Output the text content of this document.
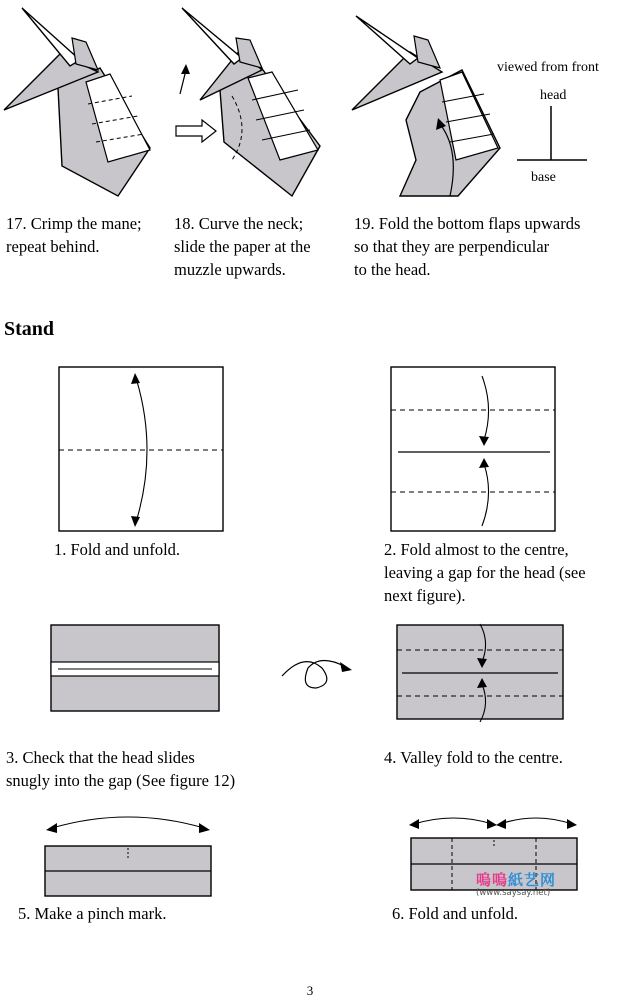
viewed from front
head
base
17. Crimp the mane;
repeat behind.
18. Curve the neck;
slide the paper at the
muzzle upwards.
19. Fold the bottom flaps upwards
so that they are perpendicular
to the head.
Stand
1. Fold and unfold.	2. Fold almost to the centre,
leaving a gap for the head (see
next figure).
3. Check that the head slides
snugly into the gap (See figure 12)
4. Valley fold to the centre.
嗚嗚紙艺网
(www.saysay.net)
5. Make a pinch mark.	6. Fold and unfold.
3
